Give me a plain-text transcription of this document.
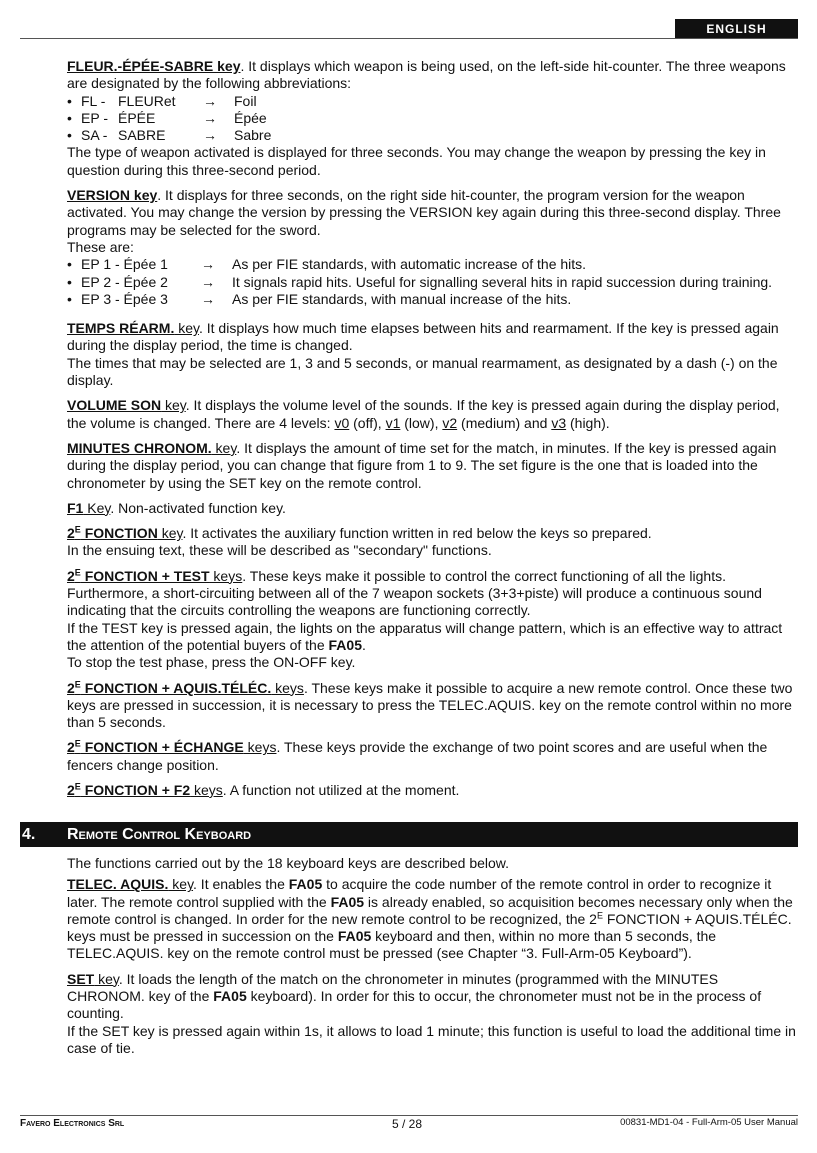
ENGLISH

FLEUR.-ÉPÉE-SABRE key. It displays which weapon is being used, on the left-side hit-counter. The three weapons are designated by the following abbreviations:

• FL - FLEURet	→	Foil
• EP - ÉPÉE	→	Épée
• SA - SABRE	→	Sabre

The type of weapon activated is displayed for three seconds. You may change the weapon by pressing the key in question during this three-second period.

VERSION key. It displays for three seconds, on the right side hit-counter, the program version for the weapon activated. You may change the version by pressing the VERSION key again during this three-second display. Three programs may be selected for the sword.

These are:

• EP 1 - Épée 1	→	As per FIE standards, with automatic increase of the hits.
• EP 2 - Épée 2	→	It signals rapid hits. Useful for signalling several hits in rapid succession during training.
• EP 3 - Épée 3	→	As per FIE standards, with manual increase of the hits.

TEMPS RÉARM. key. It displays how much time elapses between hits and rearmament. If the key is pressed again during the display period, the time is changed.

The times that may be selected are 1, 3 and 5 seconds, or manual rearmament, as designated by a dash (-) on the display.

VOLUME SON key. It displays the volume level of the sounds. If the key is pressed again during the display period, the volume is changed. There are 4 levels: v0 (off), v1 (low), v2 (medium) and v3 (high).

MINUTES CHRONOM. key. It displays the amount of time set for the match, in minutes. If the key is pressed again during the display period, you can change that figure from 1 to 9. The set figure is the one that is loaded into the chronometer by using the SET key on the remote control.

F1 Key. Non-activated function key.

$2^E$ FONCTION key. It activates the auxiliary function written in red below the keys so prepared.

In the ensuing text, these will be described as "secondary" functions.

$2^E$ FONCTION + TEST keys. These keys make it possible to control the correct functioning of all the lights. Furthermore, a short-circuiting between all of the 7 weapon sockets (3+3+piste) will produce a continuous sound indicating that the circuits controlling the weapons are functioning correctly.

If the TEST key is pressed again, the lights on the apparatus will change pattern, which is an effective way to attract the attention of the potential buyers of the FA05.

To stop the test phase, press the ON-OFF key.

$2^E$ FONCTION + AQUIS.TÉLÉC. keys. These keys make it possible to acquire a new remote control. Once these two keys are pressed in succession, it is necessary to press the TELEC.AQUIS. key on the remote control within no more than 5 seconds.

$2^E$ FONCTION + ÉCHANGE keys. These keys provide the exchange of two point scores and are useful when the fencers change position.

$2^E$ FONCTION + F2 keys. A function not utilized at the moment.

4. Remote Control Keyboard

The functions carried out by the 18 keyboard keys are described below.

TELEC. AQUIS. key. It enables the FA05 to acquire the code number of the remote control in order to recognize it later. The remote control supplied with the FA05 is already enabled, so acquisition becomes necessary only when the remote control is changed. In order for the new remote control to be recognized, the $2^E$ FONCTION + AQUIS.TÉLÉC. keys must be pressed in succession on the FA05 keyboard and then, within no more than 5 seconds, the TELEC.AQUIS. key on the remote control must be pressed (see Chapter “3. Full-Arm-05 Keyboard”).

SET key. It loads the length of the match on the chronometer in minutes (programmed with the MINUTES CHRONOM. key of the FA05 keyboard). In order for this to occur, the chronometer must not be in the process of counting.

If the SET key is pressed again within 1s, it allows to load 1 minute; this function is useful to load the additional time in case of tie.

Favero Electronics Srl	5 / 28	00831-MD1-04 - Full-Arm-05 User Manual
